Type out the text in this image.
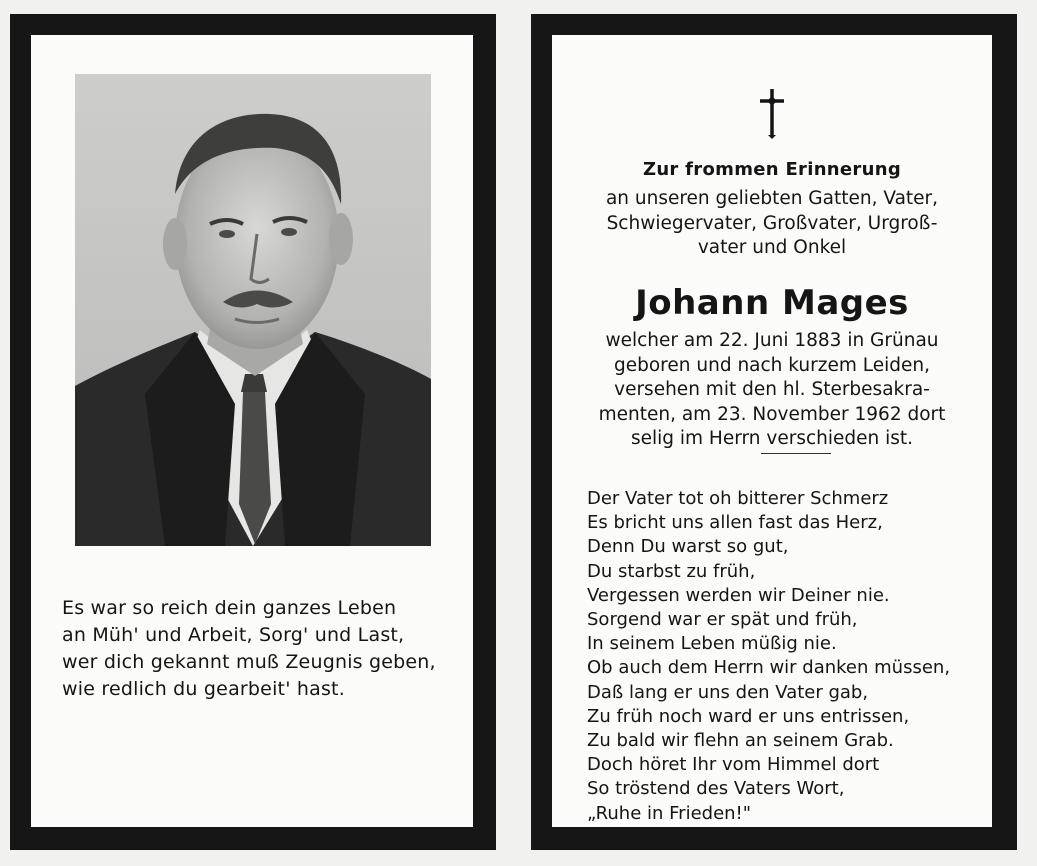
Es war so reich dein ganzes Leben
an Müh' und Arbeit, Sorg' und Last,
wer dich gekannt muß Zeugnis geben,
wie redlich du gearbeit' hast.
Zur frommen Erinnerung
an unseren geliebten Gatten, Vater,
Schwiegervater, Großvater, Urgroß-
vater und Onkel
Johann Mages
welcher am 22. Juni 1883 in Grünau
geboren und nach kurzem Leiden,
versehen mit den hl. Sterbesakra-
menten, am 23. November 1962 dort
selig im Herrn verschieden ist.
Der Vater tot oh bitterer Schmerz
Es bricht uns allen fast das Herz,
Denn Du warst so gut,
Du starbst zu früh,
Vergessen werden wir Deiner nie.
Sorgend war er spät und früh,
In seinem Leben müßig nie.
Ob auch dem Herrn wir danken müssen,
Daß lang er uns den Vater gab,
Zu früh noch ward er uns entrissen,
Zu bald wir flehn an seinem Grab.
Doch höret Ihr vom Himmel dort
So tröstend des Vaters Wort,
„Ruhe in Frieden!"
